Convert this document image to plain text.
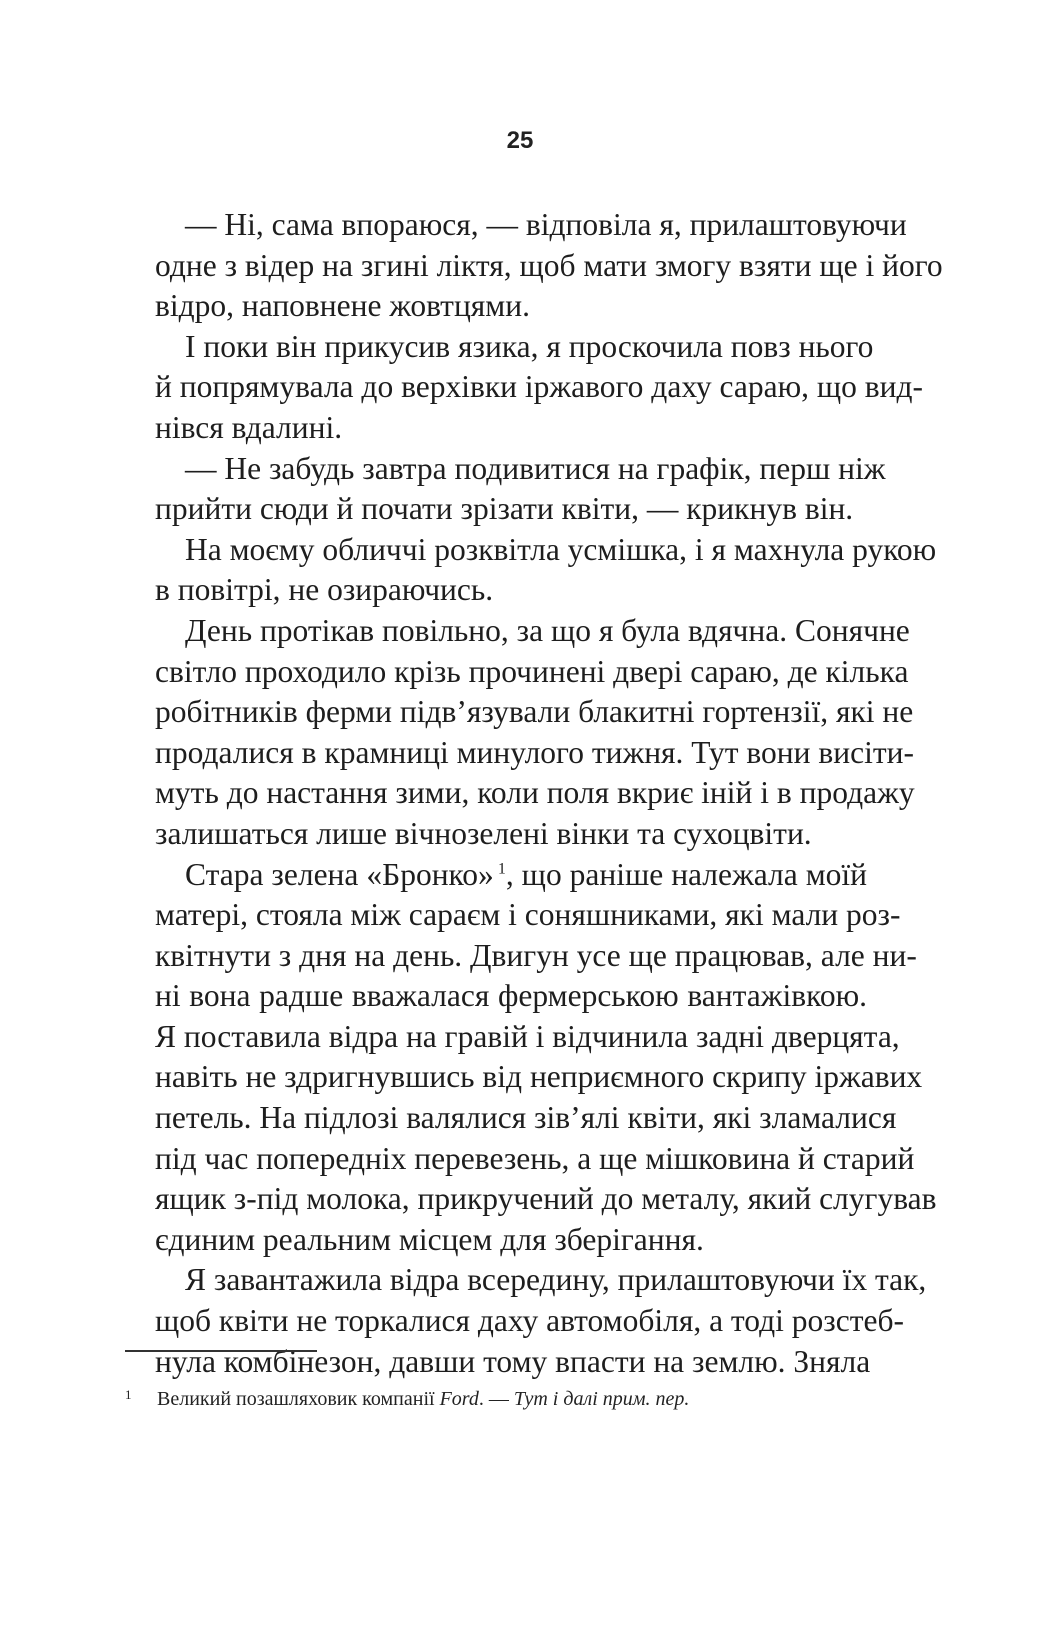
25
— Ні, сама впораюся, — відповіла я, прилаштовуючи
одне з відер на згині ліктя, щоб мати змогу взяти ще і його
відро, наповнене жовтцями.
І поки він прикусив язика, я проскочила повз нього
й попрямувала до верхівки іржавого даху сараю, що вид-
нівся вдалині.
— Не забудь завтра подивитися на графік, перш ніж
прийти сюди й почати зрізати квіти, — крикнув він.
На моєму обличчі розквітла усмішка, і я махнула рукою
в повітрі, не озираючись.
День протікав повільно, за що я була вдячна. Сонячне
світло проходило крізь прочинені двері сараю, де кілька
робітників ферми підв’язували блакитні гортензії, які не
продалися в крамниці минулого тижня. Тут вони висіти-
муть до настання зими, коли поля вкриє іній і в продажу
залишаться лише вічнозелені вінки та сухоцвіти.
Стара зелена «Бронко» $^1$, що раніше належала моїй
матері, стояла між сараєм і соняшниками, які мали роз-
квітнути з дня на день. Двигун усе ще працював, але ни-
ні вона радше вважалася фермерською вантажівкою.
Я поставила відра на гравій і відчинила задні дверцята,
навіть не здригнувшись від неприємного скрипу іржавих
петель. На підлозі валялися зів’ялі квіти, які зламалися
під час попередніх перевезень, а ще мішковина й старий
ящик з-під молока, прикручений до металу, який слугував
єдиним реальним місцем для зберігання.
Я завантажила відра всередину, прилаштовуючи їх так,
щоб квіти не торкалися даху автомобіля, а тоді розстеб-
нула комбінезон, давши тому впасти на землю. Зняла
1 Великий позашляховик компанії Ford. — Тут і далі прим. пер.
